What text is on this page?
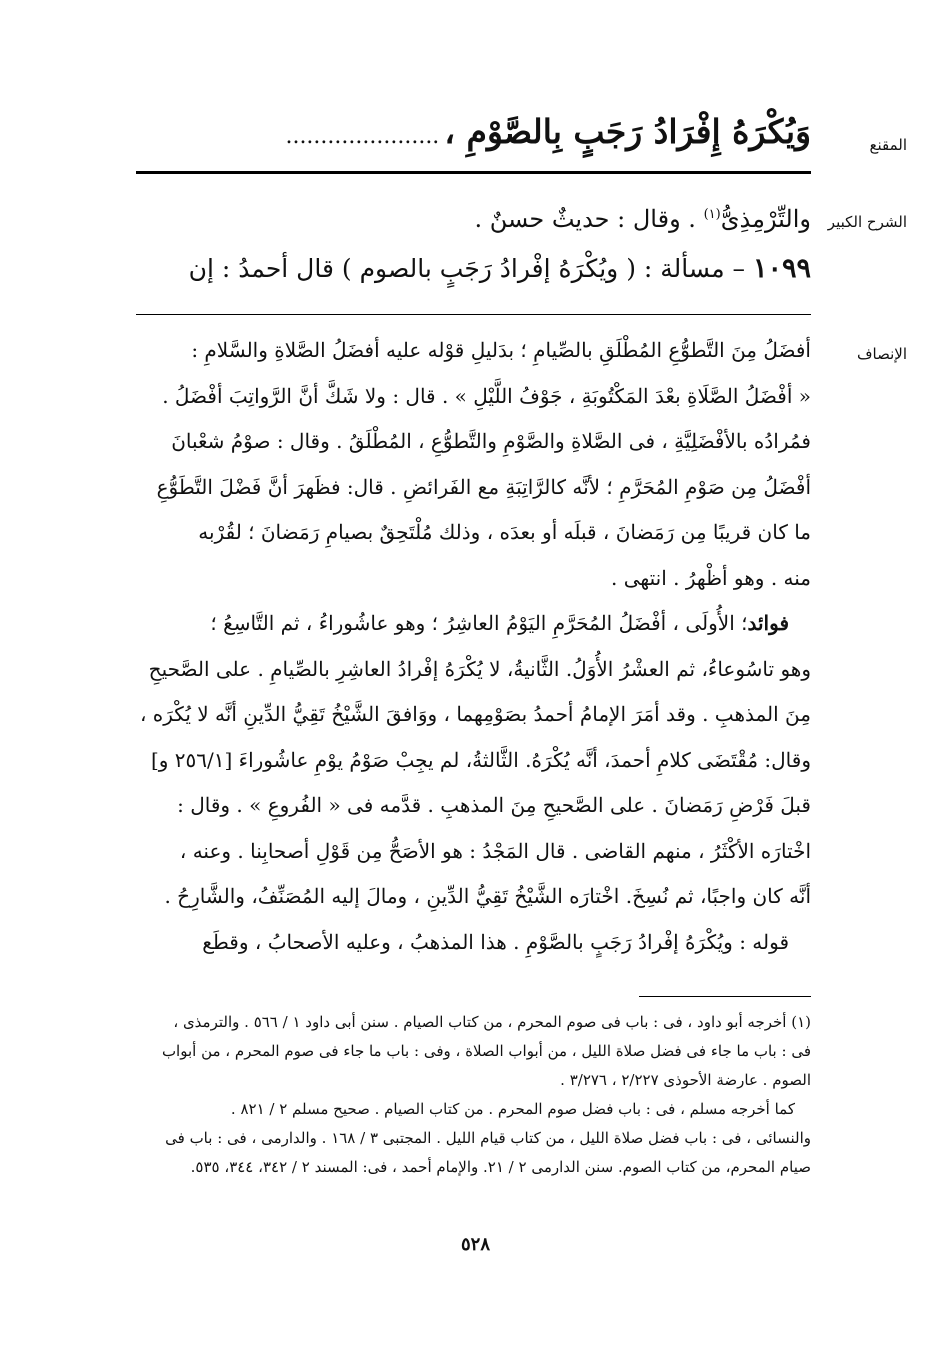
المقنع
وَيُكْرَهُ إِفْرَادُ رَجَبٍ بِالصَّوْمِ ، ......................
الشرح الكبير
والتِّرْمِذِىُّ$^{(١)}$ . وقال : حديثٌ حسنٌ .
١٠٩٩ – مسألة : ( ويُكْرَهُ إفْرادُ رَجَبٍ بالصوم ) قال أحمدُ : إن
الإنصاف
أفضَلُ مِنَ التَّطوُّعِ المُطْلَقِ بالصِّيامِ ؛ بدَليلِ قوْله عليه أفضَلُ الصَّلاةِ والسَّلامِ :
« أفْضَلُ الصَّلَاةِ بعْدَ المَكْتُوبَةِ ، جَوْفُ اللَّيْلِ » . قال : ولا شَكَّ أنَّ الرَّواتِبَ أفْضَلُ .
فمُرادُه بالأفْضَلِيَّةِ ، فى الصَّلاةِ والصَّوْمِ والتَّطوُّعِ ، المُطْلَقُ . وقال : صوْمُ شعْبانَ
أفْضَلُ مِن صَوْمِ المُحَرَّمِ ؛ لأنَّه كالرَّاتِبَةِ مع الفَرائضِ . قال: فظَهرَ أنَّ فَضْلَ التَّطَوُّعِ
ما كان قريبًا مِن رَمَضانَ ، قبلَه أو بعدَه ، وذلك مُلْتَحِقٌ بصيامِ رَمَضانَ ؛ لقُرْبه
منه . وهو أظْهرُ . انتهى .
فوائد؛ الأُولَى ، أفْضَلُ المُحَرَّمِ اليَوْمُ العاشِرُ ؛ وهو عاشُوراءُ ، ثم التَّاسِعُ ؛
وهو تاسُوعاءُ، ثم العشْرُ الأُوَلُ. الثَّانيةُ، لا يُكْرَهُ إفْرادُ العاشِرِ بالصِّيامِ . على الصَّحيحِ
مِنَ المذهبِ . وقد أمَرَ الإمامُ أحمدُ بصَوْمِهما ، ووَافقَ الشَّيْخُ تَقِيُّ الدِّينِ أنَّه لا يُكْرَه ،
وقال: مُقْتَضَى كلامِ أحمدَ، أنَّه يُكْرَهُ. الثَّالثةُ، لم يجِبْ صَوْمُ يوْمِ عاشُوراءَ [٢٥٦/١ و]
قبلَ فَرْضِ رَمَضانَ . على الصَّحيحِ مِنَ المذهبِ . قدَّمه فى « الفُروعِ » . وقال :
اخْتارَه الأكْثَرُ ، منهم القاضى . قال المَجْدُ : هو الأصَحُّ مِن قَوْلِ أصحابِنا . وعنه ،
أنَّه كان واجبًا، ثم نُسِخَ. اخْتارَه الشَّيْخُ تَقِيُّ الدِّينِ ، ومالَ إليه المُصَنِّفُ، والشَّارِحُ .
قوله : ويُكْرَهُ إفْرادُ رَجَبٍ بالصَّوْمِ . هذا المذهبُ ، وعليه الأصحابُ ، وقطَع
(١) أخرجه أبو داود ، فى : باب فى صوم المحرم ، من كتاب الصيام . سنن أبى داود ١ / ٥٦٦ . والترمذى ،
فى : باب ما جاء فى فضل صلاة الليل ، من أبواب الصلاة ، وفى : باب ما جاء فى صوم المحرم ، من أبواب
الصوم . عارضة الأحوذى ٢/٢٢٧ ، ٣/٢٧٦ .
كما أخرجه مسلم ، فى : باب فضل صوم المحرم . من كتاب الصيام . صحيح مسلم ٢ / ٨٢١ .
والنسائى ، فى : باب فضل صلاة الليل ، من كتاب قيام الليل . المجتبى ٣ / ١٦٨ . والدارمى ، فى : باب فى
صيام المحرم، من كتاب الصوم. سنن الدارمى ٢ / ٢١. والإمام أحمد ، فى: المسند ٢ / ٣٤٢، ٣٤٤، ٥٣٥.
٥٢٨
